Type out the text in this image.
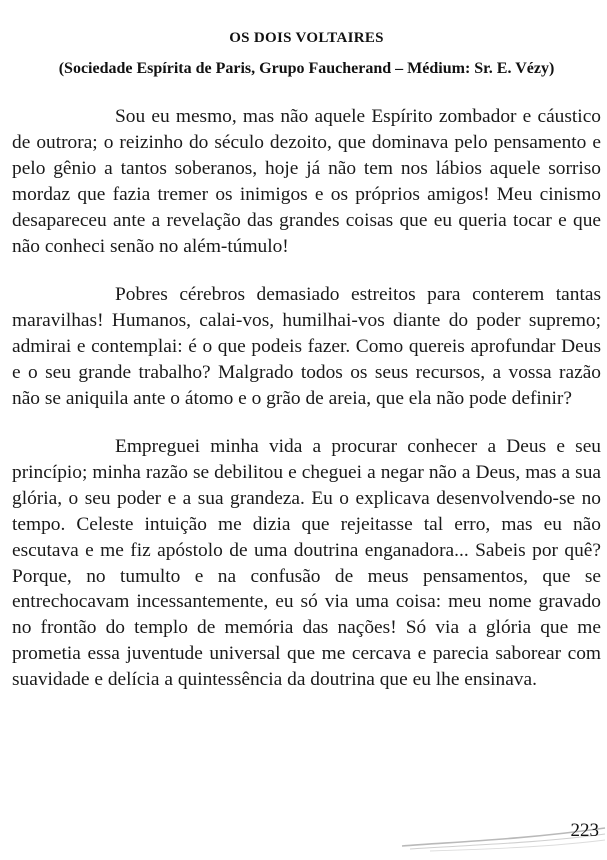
OS DOIS VOLTAIRES
(Sociedade Espírita de Paris, Grupo Faucherand – Médium: Sr. E. Vézy)

Sou eu mesmo, mas não aquele Espírito zombador e cáustico de outrora; o reizinho do século dezoito, que dominava pelo pensamento e pelo gênio a tantos soberanos, hoje já não tem nos lábios aquele sorriso mordaz que fazia tremer os inimigos e os próprios amigos! Meu cinismo desapareceu ante a revelação das grandes coisas que eu queria tocar e que não conheci senão no além-túmulo!

Pobres cérebros demasiado estreitos para conterem tantas maravilhas! Humanos, calai-vos, humilhai-vos diante do poder supremo; admirai e contemplai: é o que podeis fazer. Como quereis aprofundar Deus e o seu grande trabalho? Malgrado todos os seus recursos, a vossa razão não se aniquila ante o átomo e o grão de areia, que ela não pode definir?

Empreguei minha vida a procurar conhecer a Deus e seu princípio; minha razão se debilitou e cheguei a negar não a Deus, mas a sua glória, o seu poder e a sua grandeza. Eu o explicava desenvolvendo-se no tempo. Celeste intuição me dizia que rejeitasse tal erro, mas eu não escutava e me fiz apóstolo de uma doutrina enganadora... Sabeis por quê? Porque, no tumulto e na confusão de meus pensamentos, que se entrechocavam incessantemente, eu só via uma coisa: meu nome gravado no frontão do templo de memória das nações! Só via a glória que me prometia essa juventude universal que me cercava e parecia saborear com suavidade e delícia a quintessência da doutrina que eu lhe ensinava.

223
